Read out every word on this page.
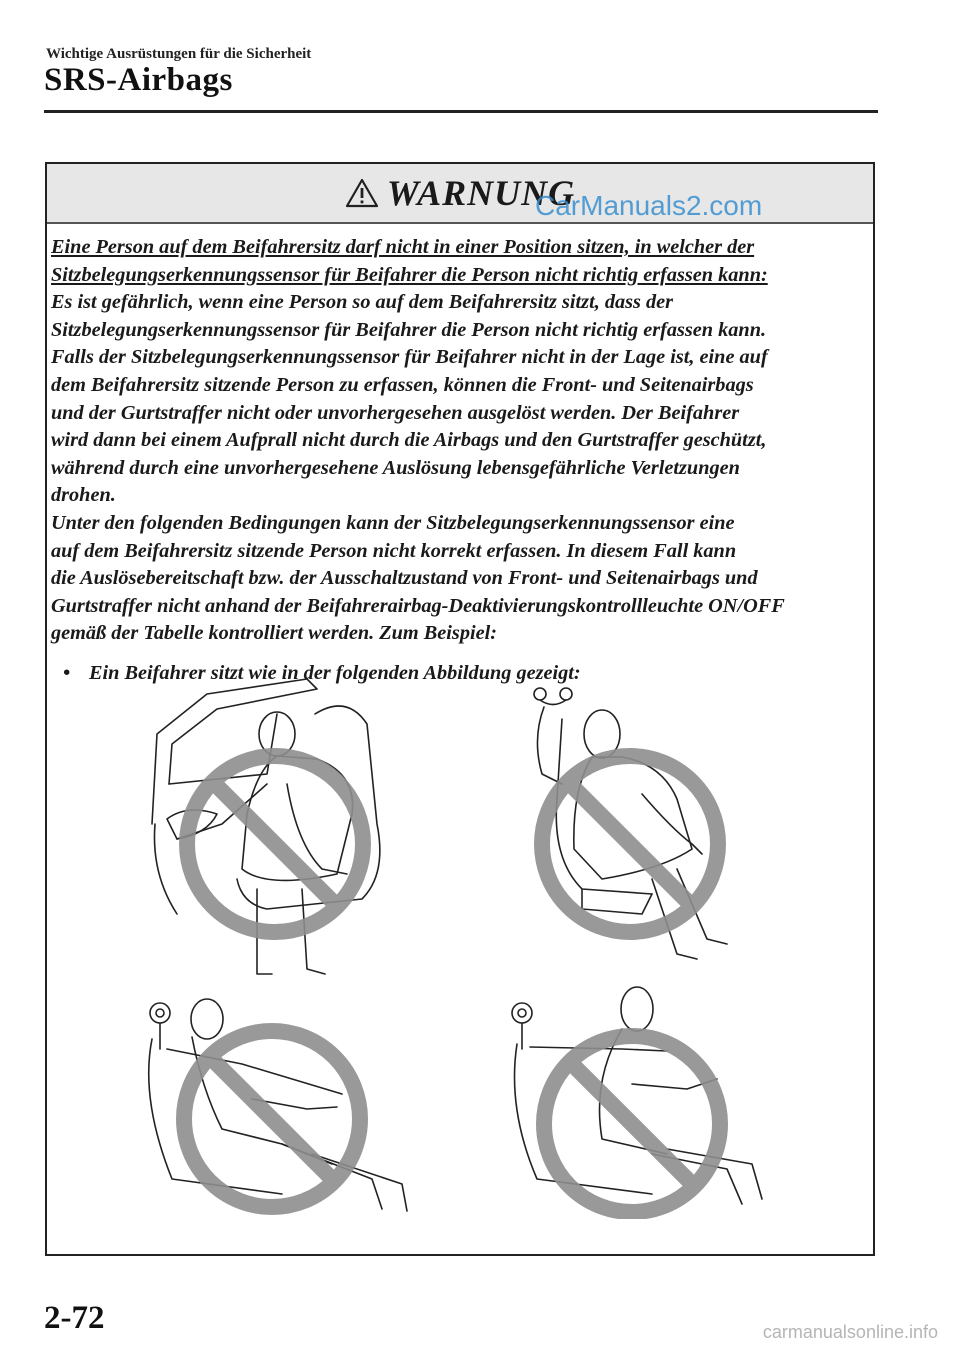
Wichtige Ausrüstungen für die Sicherheit
SRS-Airbags
WARNUNG
CarManuals2.com

Eine Person auf dem Beifahrersitz darf nicht in einer Position sitzen, in welcher der

Sitzbelegungserkennungssensor für Beifahrer die Person nicht richtig erfassen kann:

Es ist gefährlich, wenn eine Person so auf dem Beifahrersitz sitzt, dass der

Sitzbelegungserkennungssensor für Beifahrer die Person nicht richtig erfassen kann.

Falls der Sitzbelegungserkennungssensor für Beifahrer nicht in der Lage ist, eine auf

dem Beifahrersitz sitzende Person zu erfassen, können die Front- und Seitenairbags

und der Gurtstraffer nicht oder unvorhergesehen ausgelöst werden. Der Beifahrer

wird dann bei einem Aufprall nicht durch die Airbags und den Gurtstraffer geschützt,

während durch eine unvorhergesehene Auslösung lebensgefährliche Verletzungen

drohen.

Unter den folgenden Bedingungen kann der Sitzbelegungserkennungssensor eine

auf dem Beifahrersitz sitzende Person nicht korrekt erfassen. In diesem Fall kann

die Auslösebereitschaft bzw. der Ausschaltzustand von Front- und Seitenairbags und

Gurtstraffer nicht anhand der Beifahrerairbag-Deaktivierungskontrollleuchte ON/OFF

gemäß der Tabelle kontrolliert werden. Zum Beispiel:

• Ein Beifahrer sitzt wie in der folgenden Abbildung gezeigt:
2-72	carmanualsonline.info
